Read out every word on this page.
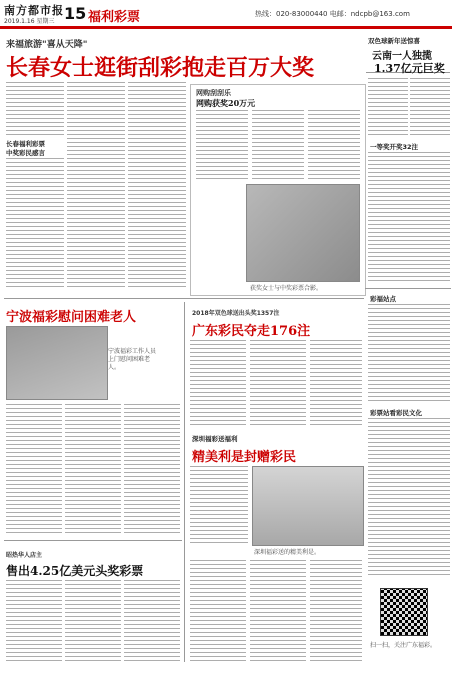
南方都市报
2019.1.16 星期三 15 福利彩票	热线：020-83000440 电邮：ndcpb@163.com
来福旅游"喜从天降"
长春女士逛街刮彩抱走百万大奖
长春福利彩票
中奖彩民感言
网购刮刮乐
网购获奖20万元
获奖女士与中奖彩票合影。
双色球新年送惊喜
云南一人独揽
1.37亿元巨奖
一等奖开奖32注
宁波福彩慰问困难老人
宁波福彩工作人员上门慰问困难老人。
2018年双色球送出头奖1357注
广东彩民夺走176注
深圳福彩送福利
精美利是封赠彩民
深圳福彩送的精美利是。
昭热华人店主
售出4.25亿美元头奖彩票
彩福站点
彩票站看彩民文化
扫一扫，关注广东福彩。
